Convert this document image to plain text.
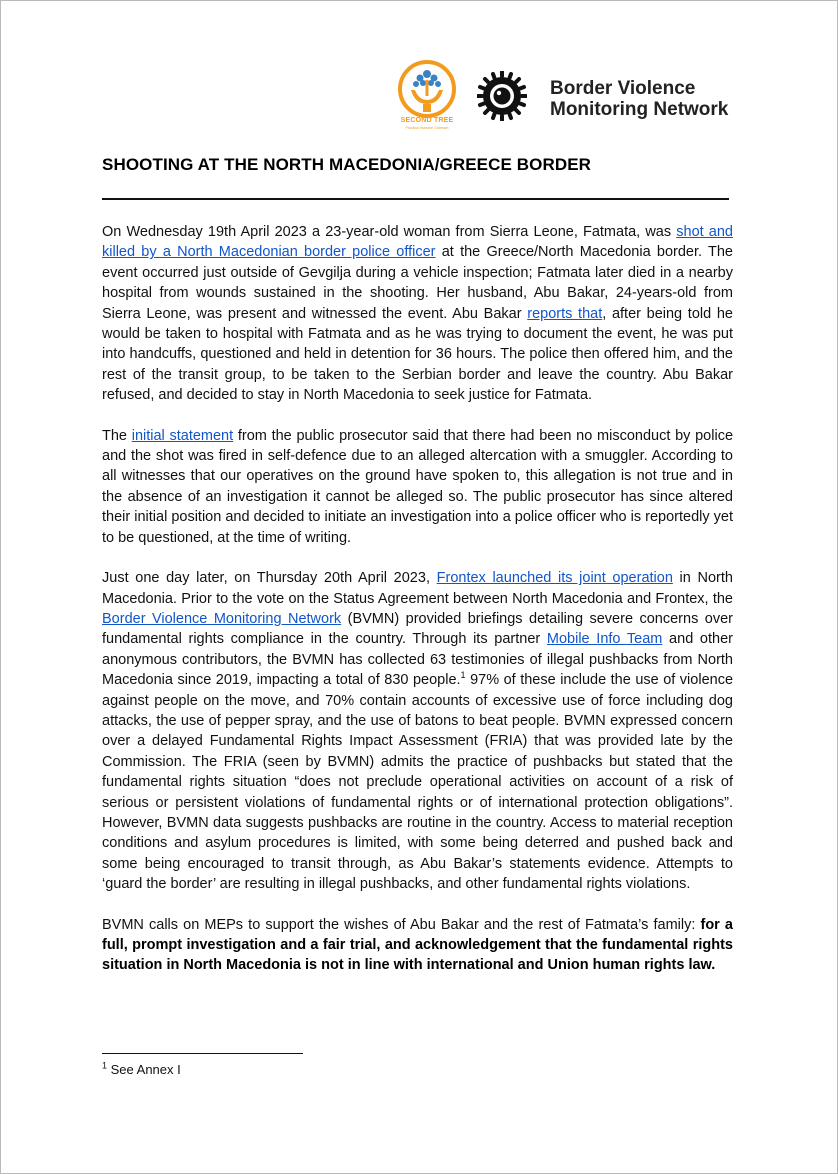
SECOND TREE
Practical Humane Outreach
Border Violence
Monitoring Network
SHOOTING AT THE NORTH MACEDONIA/GREECE BORDER

On Wednesday 19th April 2023 a 23-year-old woman from Sierra Leone, Fatmata, was shot and killed by a North Macedonian border police officer at the Greece/North Macedonia border. The event occurred just outside of Gevgilja during a vehicle inspection; Fatmata later died in a nearby hospital from wounds sustained in the shooting. Her husband, Abu Bakar, 24-years-old from Sierra Leone, was present and witnessed the event. Abu Bakar reports that, after being told he would be taken to hospital with Fatmata and as he was trying to document the event, he was put into handcuffs, questioned and held in detention for 36 hours. The police then offered him, and the rest of the transit group, to be taken to the Serbian border and leave the country. Abu Bakar refused, and decided to stay in North Macedonia to seek justice for Fatmata.

The initial statement from the public prosecutor said that there had been no misconduct by police and the shot was fired in self-defence due to an alleged altercation with a smuggler. According to all witnesses that our operatives on the ground have spoken to, this allegation is not true and in the absence of an investigation it cannot be alleged so. The public prosecutor has since altered their initial position and decided to initiate an investigation into a police officer who is reportedly yet to be questioned, at the time of writing.

Just one day later, on Thursday 20th April 2023, Frontex launched its joint operation in North Macedonia. Prior to the vote on the Status Agreement between North Macedonia and Frontex, the Border Violence Monitoring Network (BVMN) provided briefings detailing severe concerns over fundamental rights compliance in the country. Through its partner Mobile Info Team and other anonymous contributors, the BVMN has collected 63 testimonies of illegal pushbacks from North Macedonia since 2019, impacting a total of 830 people.$^1$ 97% of these include the use of violence against people on the move, and 70% contain accounts of excessive use of force including dog attacks, the use of pepper spray, and the use of batons to beat people. BVMN expressed concern over a delayed Fundamental Rights Impact Assessment (FRIA) that was provided late by the Commission. The FRIA (seen by BVMN) admits the practice of pushbacks but stated that the fundamental rights situation “does not preclude operational activities on account of a risk of serious or persistent violations of fundamental rights or of international protection obligations”. However, BVMN data suggests pushbacks are routine in the country. Access to material reception conditions and asylum procedures is limited, with some being deterred and pushed back and some being encouraged to transit through, as Abu Bakar’s statements evidence. Attempts to ‘guard the border’ are resulting in illegal pushbacks, and other fundamental rights violations.

BVMN calls on MEPs to support the wishes of Abu Bakar and the rest of Fatmata’s family: for a full, prompt investigation and a fair trial, and acknowledgement that the fundamental rights situation in North Macedonia is not in line with international and Union human rights law.

$^1$ See Annex I
